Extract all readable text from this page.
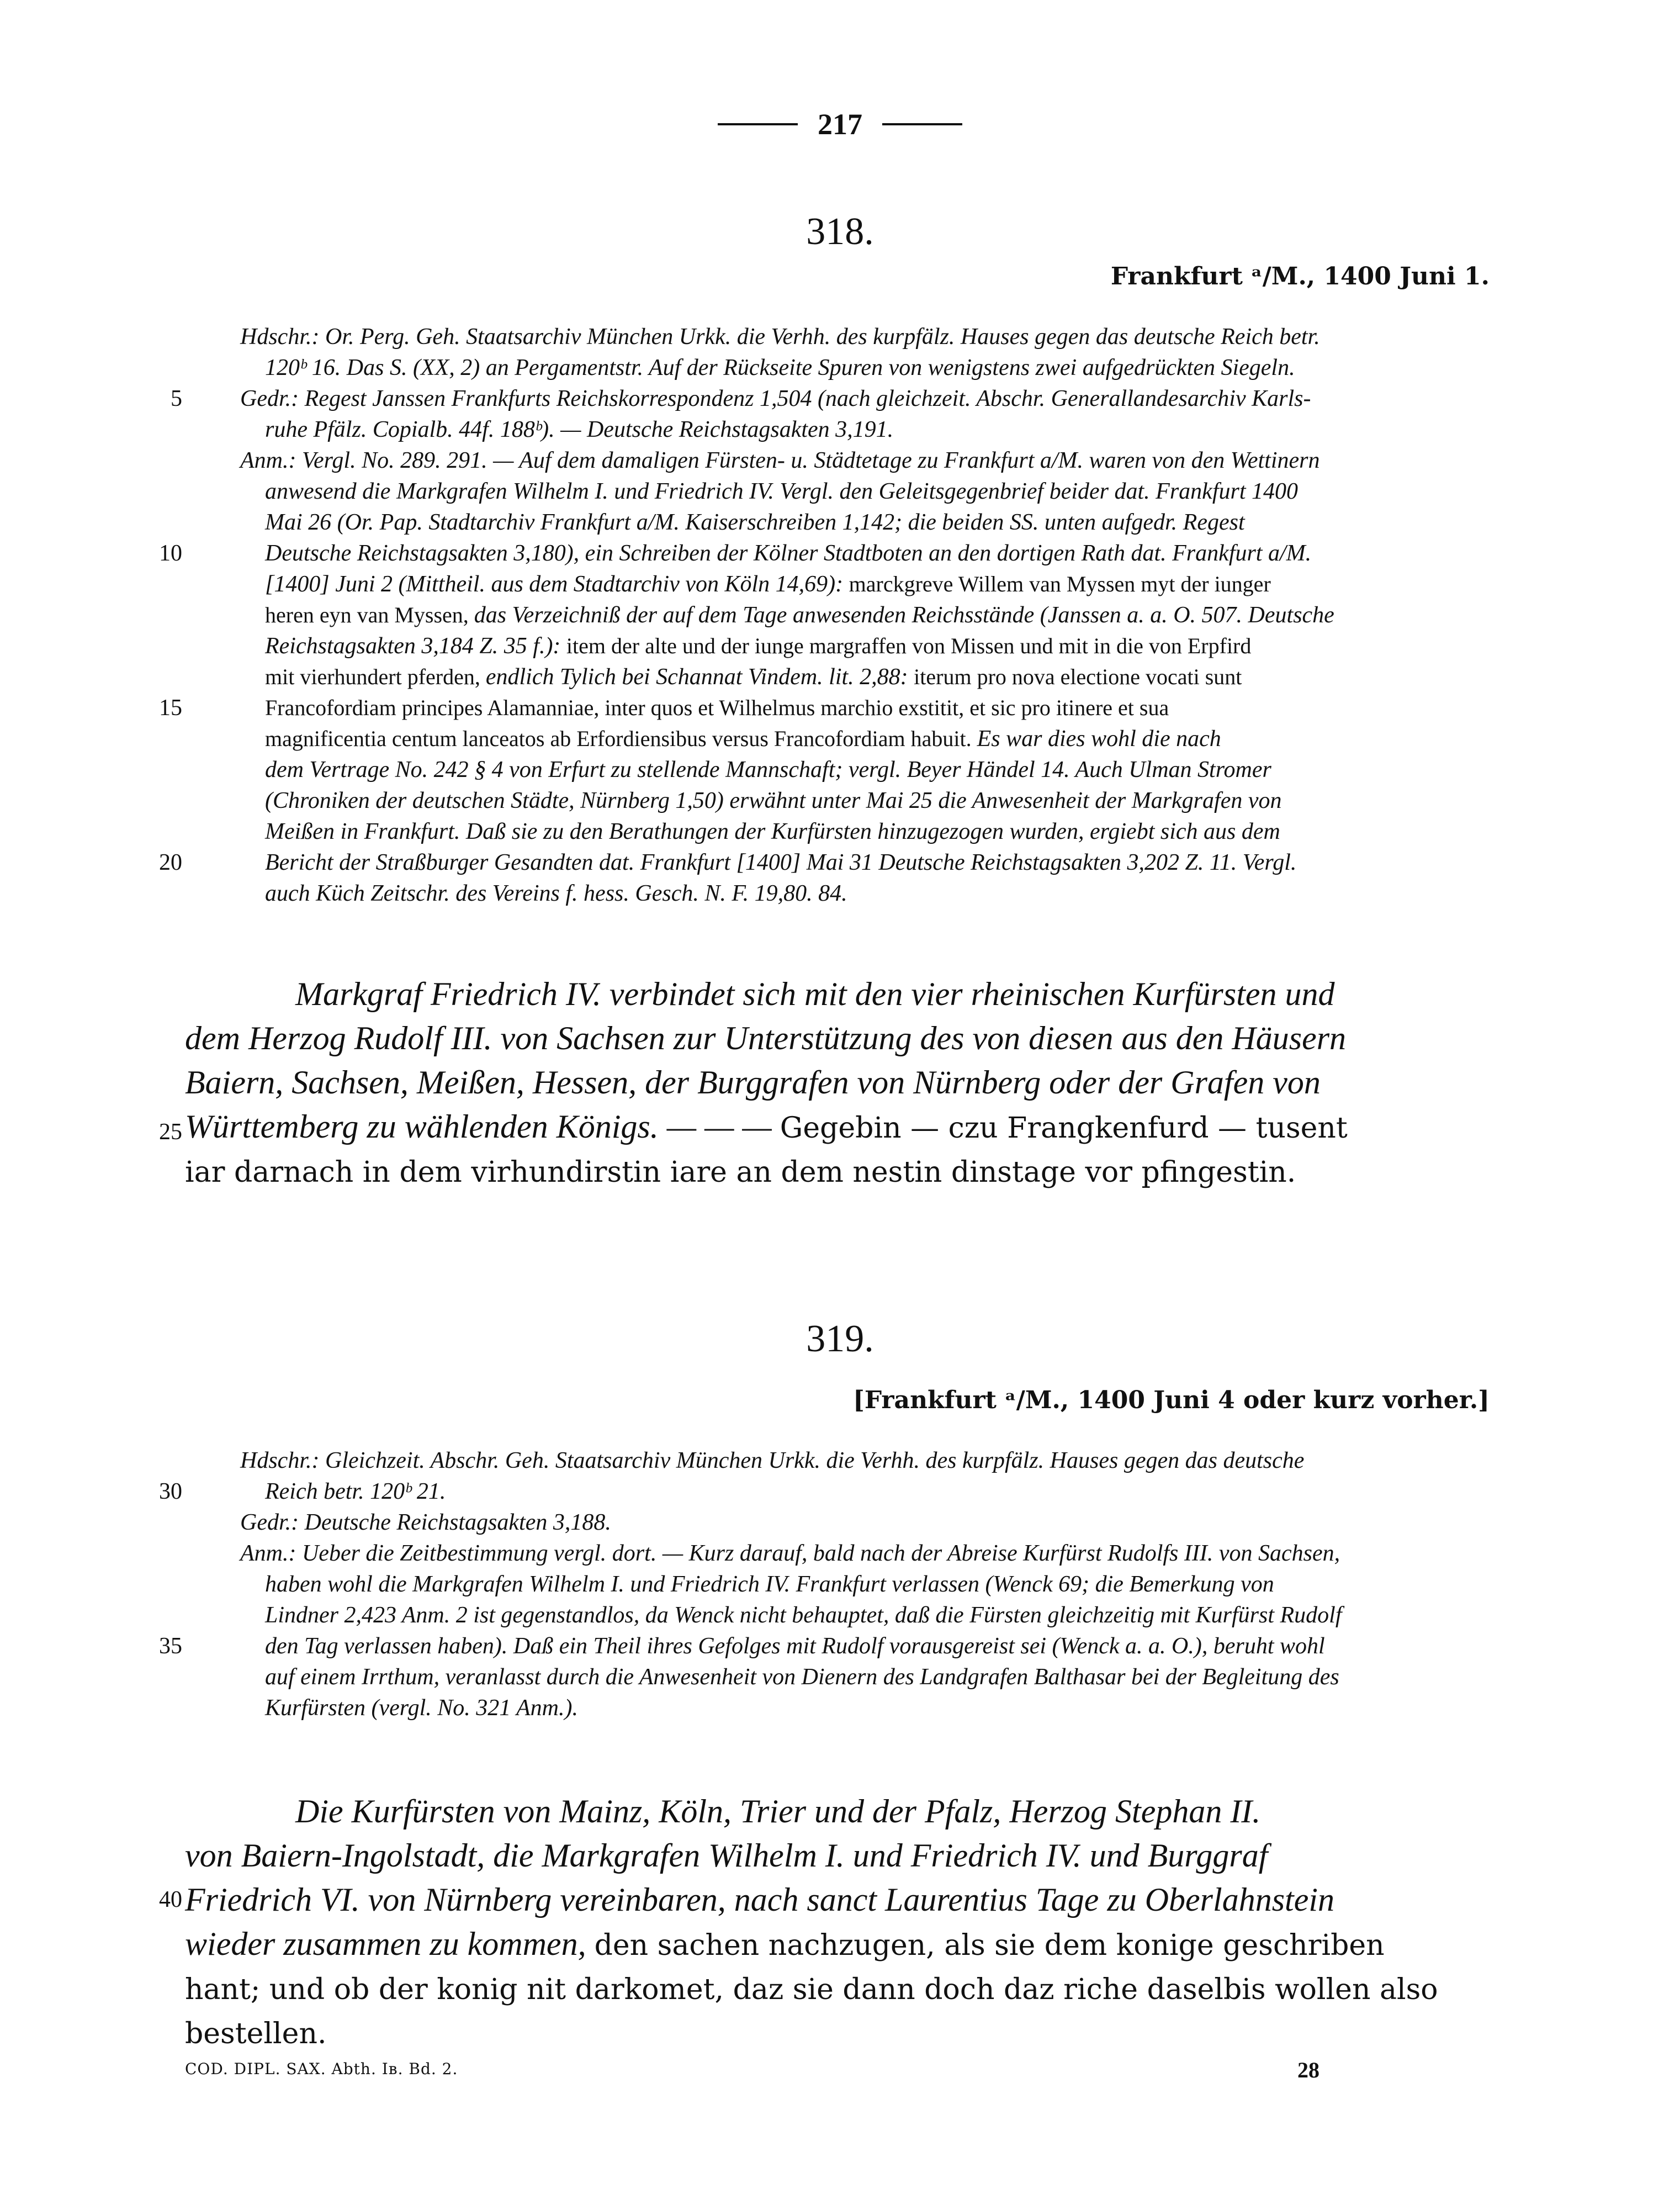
217
318.
Frankfurt ᵃ/M., 1400 Juni 1.
Hdschr.: Or. Perg. Geh. Staatsarchiv München Urkk. die Verhh. des kurpfälz. Hauses gegen das deutsche Reich betr.
120ᵇ 16. Das S. (XX, 2) an Pergamentstr. Auf der Rückseite Spuren von wenigstens zwei aufgedrückten Siegeln.
Gedr.: Regest Janssen Frankfurts Reichskorrespondenz 1,504 (nach gleichzeit. Abschr. Generallandesarchiv Karls-
ruhe Pfälz. Copialb. 44f. 188ᵇ). — Deutsche Reichstagsakten 3,191.
Anm.: Vergl. No. 289. 291. — Auf dem damaligen Fürsten- u. Städtetage zu Frankfurt a/M. waren von den Wettinern
anwesend die Markgrafen Wilhelm I. und Friedrich IV. Vergl. den Geleitsgegenbrief beider dat. Frankfurt 1400
Mai 26 (Or. Pap. Stadtarchiv Frankfurt a/M. Kaiserschreiben 1,142; die beiden SS. unten aufgedr. Regest
Deutsche Reichstagsakten 3,180), ein Schreiben der Kölner Stadtboten an den dortigen Rath dat. Frankfurt a/M.
[1400] Juni 2 (Mittheil. aus dem Stadtarchiv von Köln 14,69): marckgreve Willem van Myssen myt der iunger
heren eyn van Myssen, das Verzeichniß der auf dem Tage anwesenden Reichsstände (Janssen a. a. O. 507. Deutsche
Reichstagsakten 3,184 Z. 35 f.): item der alte und der iunge margraffen von Missen und mit in die von Erpfird
mit vierhundert pferden, endlich Tylich bei Schannat Vindem. lit. 2,88: iterum pro nova electione vocati sunt
Francofordiam principes Alamanniae, inter quos et Wilhelmus marchio exstitit, et sic pro itinere et sua
magnificentia centum lanceatos ab Erfordiensibus versus Francofordiam habuit. Es war dies wohl die nach
dem Vertrage No. 242 § 4 von Erfurt zu stellende Mannschaft; vergl. Beyer Händel 14. Auch Ulman Stromer
(Chroniken der deutschen Städte, Nürnberg 1,50) erwähnt unter Mai 25 die Anwesenheit der Markgrafen von
Meißen in Frankfurt. Daß sie zu den Berathungen der Kurfürsten hinzugezogen wurden, ergiebt sich aus dem
Bericht der Straßburger Gesandten dat. Frankfurt [1400] Mai 31 Deutsche Reichstagsakten 3,202 Z. 11. Vergl.
auch Küch Zeitschr. des Vereins f. hess. Gesch. N. F. 19,80. 84.
5
10
15
20
Markgraf Friedrich IV. verbindet sich mit den vier rheinischen Kurfürsten und
dem Herzog Rudolf III. von Sachsen zur Unterstützung des von diesen aus den Häusern
Baiern, Sachsen, Meißen, Hessen, der Burggrafen von Nürnberg oder der Grafen von
Württemberg zu wählenden Königs. — — — Gegebin — czu Frangkenfurd — tusent
iar darnach in dem virhundirstin iare an dem nestin dinstage vor pfingestin.
25
319.
[Frankfurt ᵃ/M., 1400 Juni 4 oder kurz vorher.]
Hdschr.: Gleichzeit. Abschr. Geh. Staatsarchiv München Urkk. die Verhh. des kurpfälz. Hauses gegen das deutsche
Reich betr. 120ᵇ 21.
Gedr.: Deutsche Reichstagsakten 3,188.
Anm.: Ueber die Zeitbestimmung vergl. dort. — Kurz darauf, bald nach der Abreise Kurfürst Rudolfs III. von Sachsen,
haben wohl die Markgrafen Wilhelm I. und Friedrich IV. Frankfurt verlassen (Wenck 69; die Bemerkung von
Lindner 2,423 Anm. 2 ist gegenstandlos, da Wenck nicht behauptet, daß die Fürsten gleichzeitig mit Kurfürst Rudolf
den Tag verlassen haben). Daß ein Theil ihres Gefolges mit Rudolf vorausgereist sei (Wenck a. a. O.), beruht wohl
auf einem Irrthum, veranlasst durch die Anwesenheit von Dienern des Landgrafen Balthasar bei der Begleitung des
Kurfürsten (vergl. No. 321 Anm.).
30
35
Die Kurfürsten von Mainz, Köln, Trier und der Pfalz, Herzog Stephan II.
von Baiern-Ingolstadt, die Markgrafen Wilhelm I. und Friedrich IV. und Burggraf
Friedrich VI. von Nürnberg vereinbaren, nach sanct Laurentius Tage zu Oberlahnstein
wieder zusammen zu kommen, den sachen nachzugen, als sie dem konige geschriben
hant; und ob der konig nit darkomet, daz sie dann doch daz riche daselbis wollen also
bestellen.
40
COD. DIPL. SAX. Abth. Iʙ. Bd. 2.	28
